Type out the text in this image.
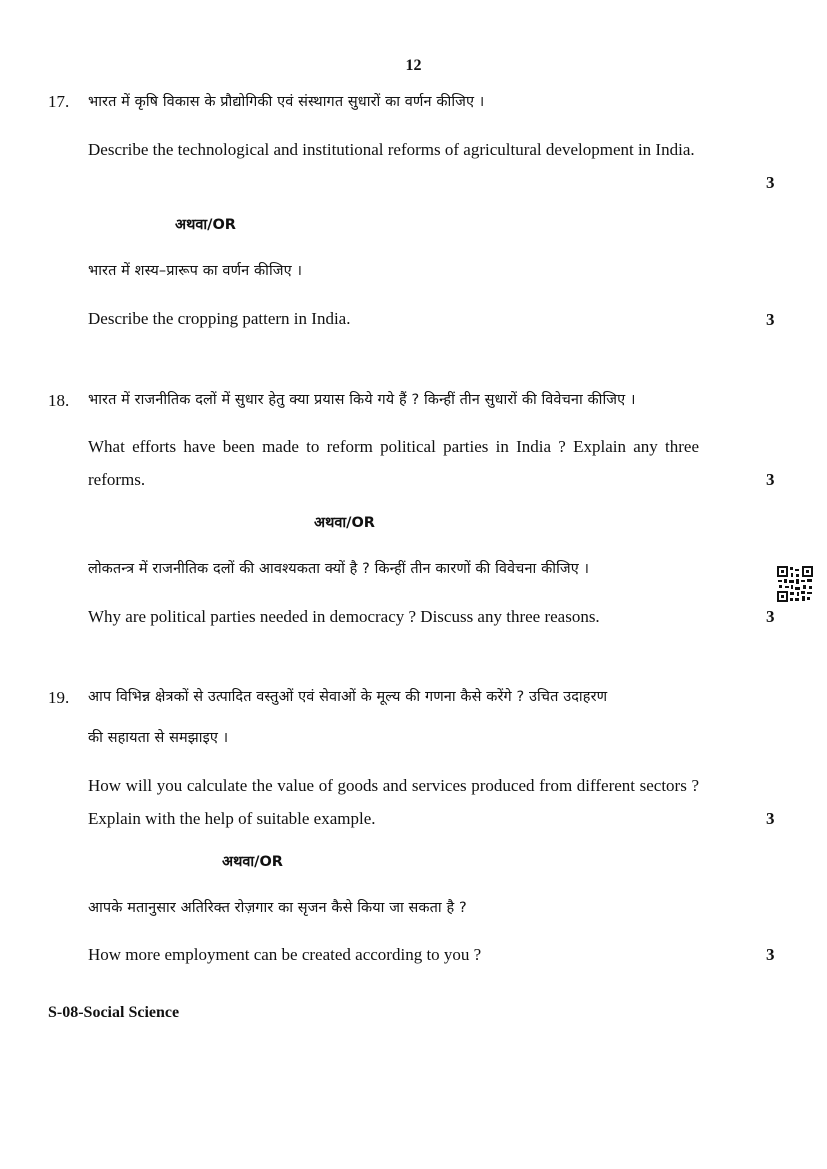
12
17. भारत में कृषि विकास के प्रौद्योगिकी एवं संस्थागत सुधारों का वर्णन कीजिए ।
Describe the technological and institutional reforms of agricultural development in India.
3
अथवा/OR
भारत में शस्य–प्रारूप का वर्णन कीजिए ।
Describe the cropping pattern in India.	3
18. भारत में राजनीतिक दलों में सुधार हेतु क्या प्रयास किये गये हैं ? किन्हीं तीन सुधारों की विवेचना कीजिए ।
What efforts have been made to reform political parties in India ? Explain any three reforms.	3
अथवा/OR
लोकतन्त्र में राजनीतिक दलों की आवश्यकता क्यों है ? किन्हीं तीन कारणों की विवेचना कीजिए ।
Why are political parties needed in democracy ? Discuss any three reasons.	3
19. आप विभिन्न क्षेत्रकों से उत्पादित वस्तुओं एवं सेवाओं के मूल्य की गणना कैसे करेंगे ? उचित उदाहरण
की सहायता से समझाइए ।
How will you calculate the value of goods and services produced from different sectors ? Explain with the help of suitable example.	3
अथवा/OR
आपके मतानुसार अतिरिक्त रोज़गार का सृजन कैसे किया जा सकता है ?
How more employment can be created according to you ?	3
S-08-Social Science
